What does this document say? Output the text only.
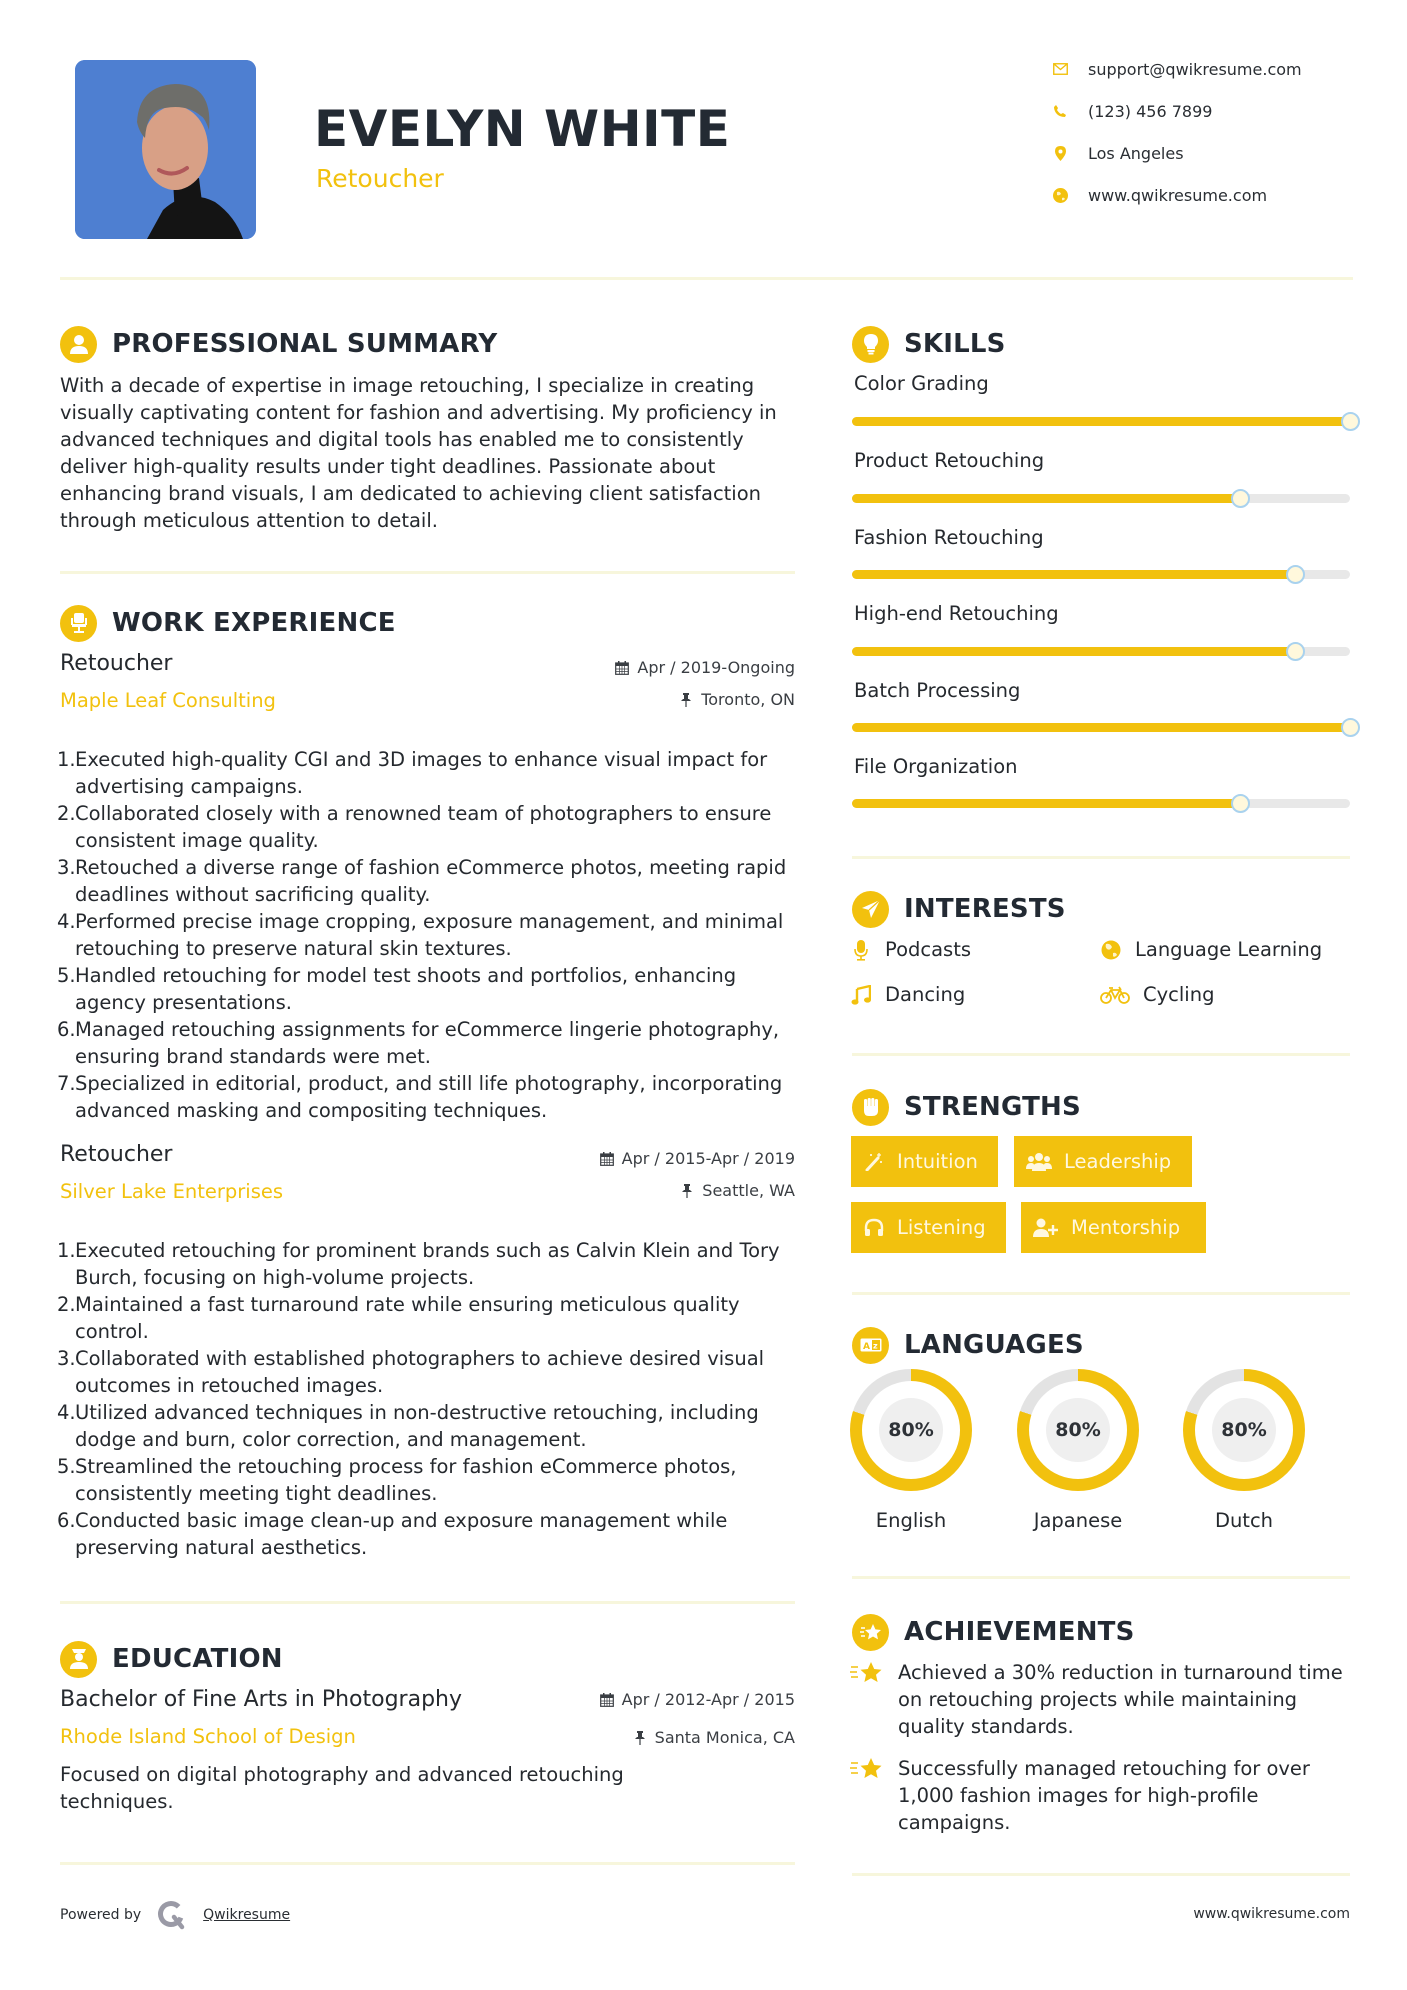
EVELYN WHITE
Retoucher
support@qwikresume.com
(123) 456 7899
Los Angeles
www.qwikresume.com
PROFESSIONAL SUMMARY
With a decade of expertise in image retouching, I specialize in creating visually captivating content for fashion and advertising. My proficiency in advanced techniques and digital tools has enabled me to consistently deliver high-quality results under tight deadlines. Passionate about enhancing brand visuals, I am dedicated to achieving client satisfaction through meticulous attention to detail.
WORK EXPERIENCE
Retoucher
Maple Leaf Consulting
Apr / 2019-Ongoing
Toronto, ON
1. Executed high-quality CGI and 3D images to enhance visual impact for advertising campaigns.
2. Collaborated closely with a renowned team of photographers to ensure consistent image quality.
3. Retouched a diverse range of fashion eCommerce photos, meeting rapid deadlines without sacrificing quality.
4. Performed precise image cropping, exposure management, and minimal retouching to preserve natural skin textures.
5. Handled retouching for model test shoots and portfolios, enhancing agency presentations.
6. Managed retouching assignments for eCommerce lingerie photography, ensuring brand standards were met.
7. Specialized in editorial, product, and still life photography, incorporating advanced masking and compositing techniques.
Retoucher
Silver Lake Enterprises
Apr / 2015-Apr / 2019
Seattle, WA
1. Executed retouching for prominent brands such as Calvin Klein and Tory Burch, focusing on high-volume projects.
2. Maintained a fast turnaround rate while ensuring meticulous quality control.
3. Collaborated with established photographers to achieve desired visual outcomes in retouched images.
4. Utilized advanced techniques in non-destructive retouching, including dodge and burn, color correction, and management.
5. Streamlined the retouching process for fashion eCommerce photos, consistently meeting tight deadlines.
6. Conducted basic image clean-up and exposure management while preserving natural aesthetics.
EDUCATION
Bachelor of Fine Arts in Photography
Rhode Island School of Design
Apr / 2012-Apr / 2015
Santa Monica, CA
Focused on digital photography and advanced retouching techniques.
SKILLS
Color Grading
Product Retouching
Fashion Retouching
High-end Retouching
Batch Processing
File Organization
INTERESTS
Podcasts	Language Learning
Dancing	Cycling
STRENGTHS
Intuition	Leadership
Listening	Mentorship
A z LANGUAGES
80%
English
80%
Japanese
80%
Dutch
ACHIEVEMENTS
Achieved a 30% reduction in turnaround time on retouching projects while maintaining quality standards.
Successfully managed retouching for over 1,000 fashion images for high-profile campaigns.
Powered by	Qwikresume	www.qwikresume.com
